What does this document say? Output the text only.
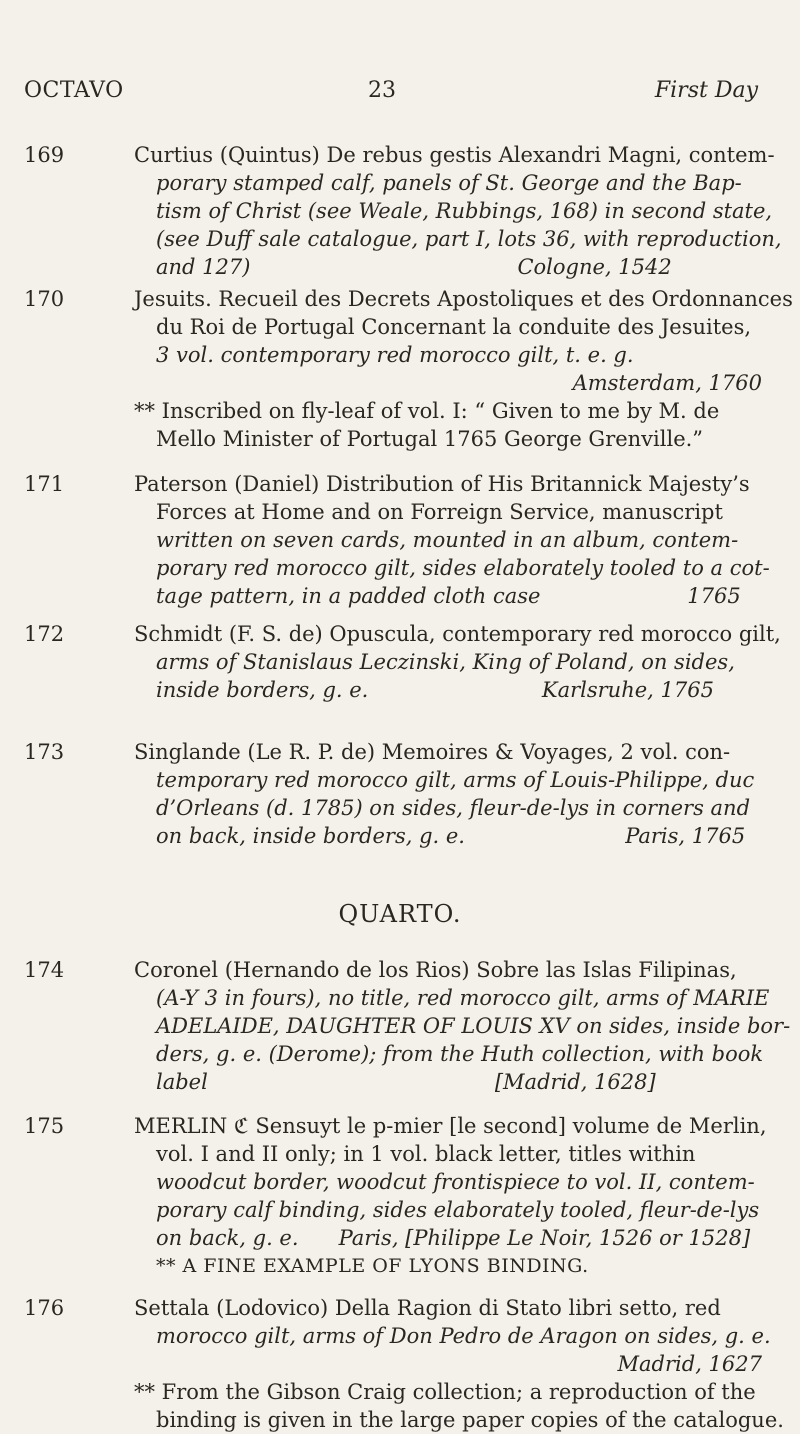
OCTAVO	23	First Day
169	Curtius (Quintus) De rebus gestis Alexandri Magni, contem-
porary stamped calf, panels of St. George and the Bap-
tism of Christ (see Weale, Rubbings, 168) in second state,
(see Duff sale catalogue, part I, lots 36, with reproduction,
and 127)                                        Cologne, 1542
170	Jesuits. Recueil des Decrets Apostoliques et des Ordonnances
du Roi de Portugal Concernant la conduite des Jesuites,
3 vol. contemporary red morocco gilt, t. e. g.
Amsterdam, 1760
** Inscribed on fly-leaf of vol. I: “ Given to me by M. de
Mello Minister of Portugal 1765 George Grenville.”
171	Paterson (Daniel) Distribution of His Britannick Majesty’s
Forces at Home and on Forreign Service, manuscript
written on seven cards, mounted in an album, contem-
porary red morocco gilt, sides elaborately tooled to a cot-
tage pattern, in a padded cloth case                      1765
172	Schmidt (F. S. de) Opuscula, contemporary red morocco gilt,
arms of Stanislaus Leczinski, King of Poland, on sides,
inside borders, g. e.                          Karlsruhe, 1765
173	Singlande (Le R. P. de) Memoires & Voyages, 2 vol. con-
temporary red morocco gilt, arms of Louis-Philippe, duc
d’Orleans (d. 1785) on sides, fleur-de-lys in corners and
on back, inside borders, g. e.                        Paris, 1765
QUARTO.
174	Coronel (Hernando de los Rios) Sobre las Islas Filipinas,
(A-Y 3 in fours), no title, red morocco gilt, arms of MARIE
ADELAIDE, DAUGHTER OF LOUIS XV on sides, inside bor-
ders, g. e. (Derome); from the Huth collection, with book
label                                           [Madrid, 1628]
175	MERLIN ℭ Sensuyt le p-mier [le second] volume de Merlin,
vol. I and II only; in 1 vol. black letter, titles within
woodcut border, woodcut frontispiece to vol. II, contem-
porary calf binding, sides elaborately tooled, fleur-de-lys
on back, g. e.      Paris, [Philippe Le Noir, 1526 or 1528]
** A FINE EXAMPLE OF LYONS BINDING.
176	Settala (Lodovico) Della Ragion di Stato libri setto, red
morocco gilt, arms of Don Pedro de Aragon on sides, g. e.
Madrid, 1627
** From the Gibson Craig collection; a reproduction of the
binding is given in the large paper copies of the catalogue.
